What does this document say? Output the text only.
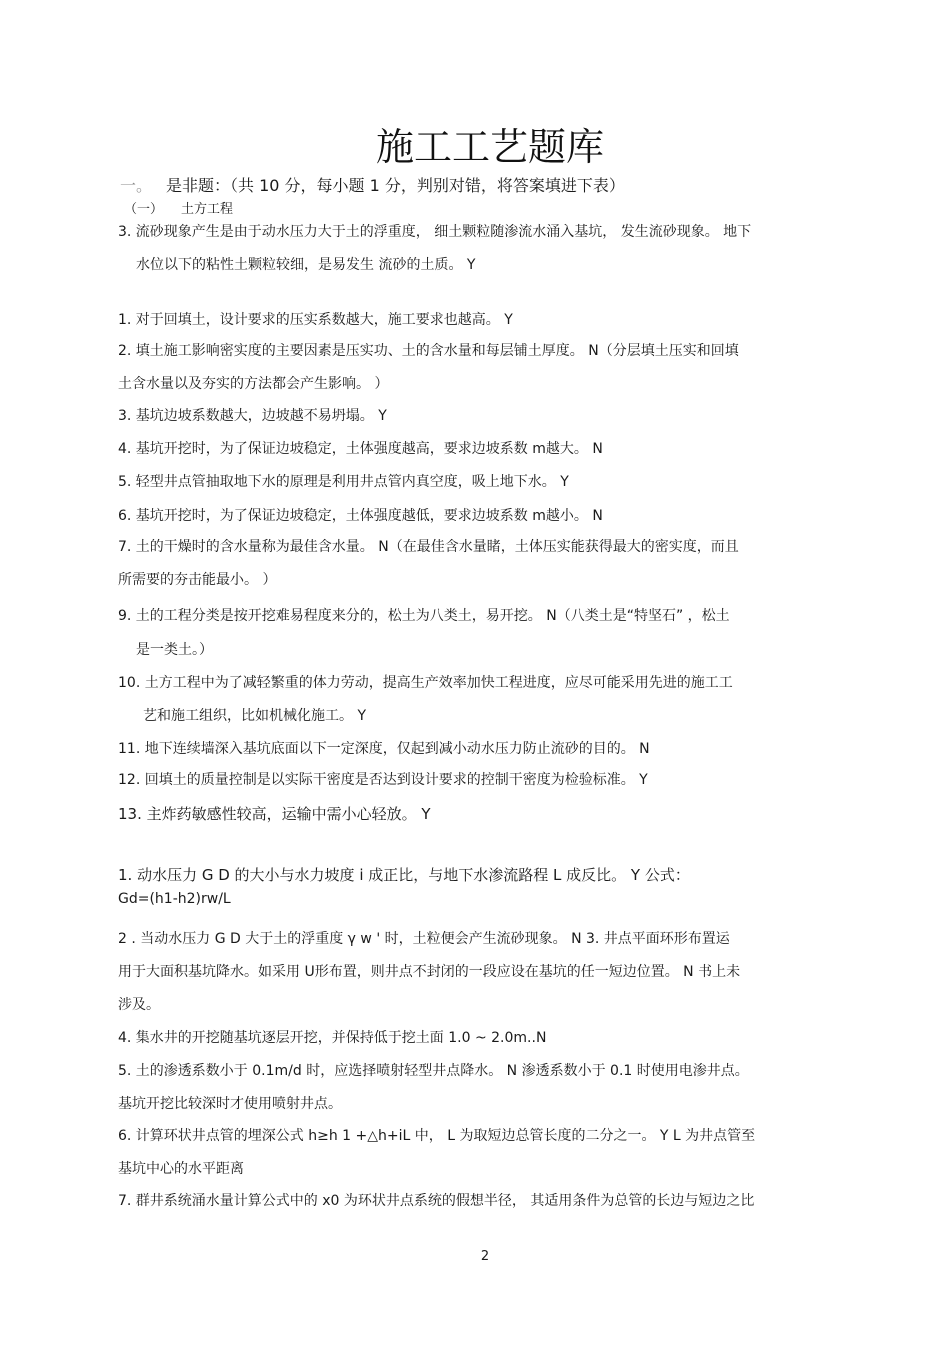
施工工艺题库
一。 是非题：（共 10 分，每小题 1 分，判别对错，将答案填进下表）
（一） 土方工程
3. 流砂现象产生是由于动水压力大于土的浮重度， 细土颗粒随渗流水涌入基坑， 发生流砂现象。 地下
水位以下的粘性土颗粒较细，是易发生 流砂的土质。 Y
1. 对于回填土，设计要求的压实系数越大，施工要求也越高。 Y
2. 填土施工影响密实度的主要因素是压实功、土的含水量和每层铺土厚度。 N（分层填土压实和回填
土含水量以及夯实的方法都会产生影响。 ）
3. 基坑边坡系数越大，边坡越不易坍塌。 Y
4. 基坑开挖时，为了保证边坡稳定，土体强度越高，要求边坡系数 m越大。 N
5. 轻型井点管抽取地下水的原理是利用井点管内真空度，吸上地下水。 Y
6. 基坑开挖时，为了保证边坡稳定，土体强度越低，要求边坡系数 m越小。 N
7. 土的干燥时的含水量称为最佳含水量。 N（在最佳含水量睹，土体压实能获得最大的密实度，而且
所需要的夯击能最小。 ）
9. 土的工程分类是按开挖难易程度来分的，松土为八类土，易开挖。 N（八类土是“特坚石” ，松土
是一类土。）
10. 土方工程中为了减轻繁重的体力劳动，提高生产效率加快工程进度，应尽可能采用先进的施工工
艺和施工组织，比如机械化施工。 Y
11. 地下连续墙深入基坑底面以下一定深度，仅起到减小动水压力防止流砂的目的。 N
12. 回填土的质量控制是以实际干密度是否达到设计要求的控制干密度为检验标准。 Y
13. 主炸药敏感性较高，运输中需小心轻放。 Y
1. 动水压力 G D 的大小与水力坡度 i 成正比，与地下水渗流路程 L 成反比。 Y 公式：
Gd=(h1-h2)rw/L
2 . 当动水压力 G D 大于土的浮重度 γ w ' 时，土粒便会产生流砂现象。 N 3. 井点平面环形布置运
用于大面积基坑降水。如采用 U形布置，则井点不封闭的一段应设在基坑的任一短边位置。 N 书上未
涉及。
4. 集水井的开挖随基坑逐层开挖，并保持低于挖土面 1.0 ~ 2.0m..N
5. 土的渗透系数小于 0.1m/d 时，应选择喷射轻型井点降水。 N 渗透系数小于 0.1 时使用电渗井点。
基坑开挖比较深时才使用喷射井点。
6. 计算环状井点管的埋深公式 h≥h 1 +△h+iL 中， L 为取短边总管长度的二分之一。 Y L 为井点管至
基坑中心的水平距离
7. 群井系统涌水量计算公式中的 x0 为环状井点系统的假想半径， 其适用条件为总管的长边与短边之比
2
